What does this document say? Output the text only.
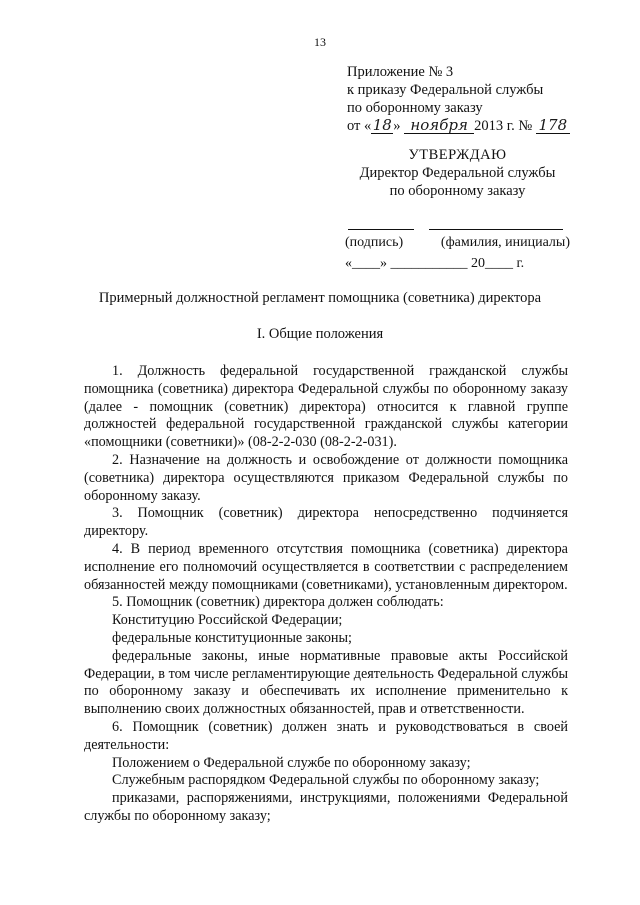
13
Приложение № 3
к приказу Федеральной службы
по оборонному заказу
от «18» ноября 2013 г. № 178
УТВЕРЖДАЮ
Директор Федеральной службы
по оборонному заказу
(подпись)	(фамилия, инициалы)
«____» ___________ 20____ г.
Примерный должностной регламент помощника (советника) директора
I. Общие положения

1. Должность федеральной государственной гражданской службы помощника (советника) директора Федеральной службы по оборонному заказу (далее - помощник (советник) директора) относится к главной группе должностей федеральной государственной гражданской службы категории «помощники (советники)» (08-2-2-030 (08-2-2-031).

2. Назначение на должность и освобождение от должности помощника (советника) директора осуществляются приказом Федеральной службы по оборонному заказу.

3. Помощник (советник) директора непосредственно подчиняется директору.

4. В период временного отсутствия помощника (советника) директора исполнение его полномочий осуществляется в соответствии с распределением обязанностей между помощниками (советниками), установленным директором.

5. Помощник (советник) директора должен соблюдать:

Конституцию Российской Федерации;

федеральные конституционные законы;

федеральные законы, иные нормативные правовые акты Российской Федерации, в том числе регламентирующие деятельность Федеральной службы по оборонному заказу и обеспечивать их исполнение применительно к выполнению своих должностных обязанностей, прав и ответственности.

6. Помощник (советник) должен знать и руководствоваться в своей деятельности:

Положением о Федеральной службе по оборонному заказу;

Служебным распорядком Федеральной службы по оборонному заказу;

приказами, распоряжениями, инструкциями, положениями Федеральной службы по оборонному заказу;
